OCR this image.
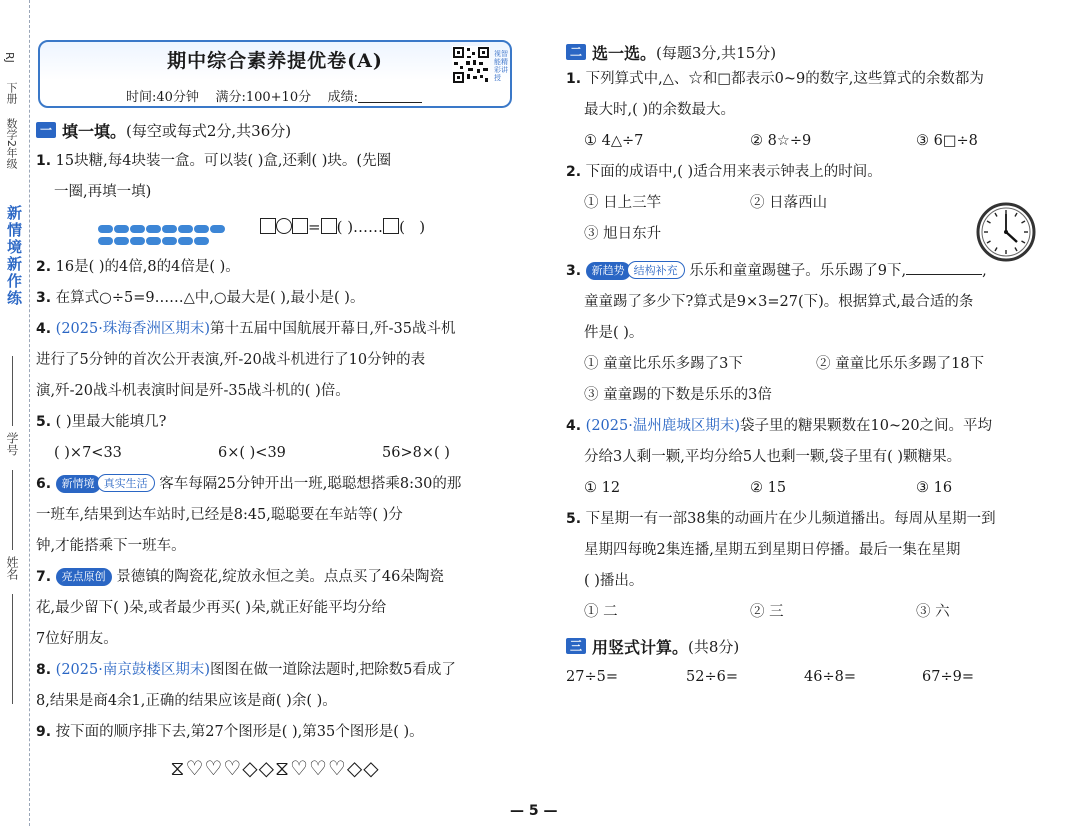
RJ
下册
数学2年级
新情境新作练
学号
姓名
期中综合素养提优卷(A)
时间:40分钟 满分:100+10分 成绩:
视智能精彩讲授
一 填一填。 (每空或每式2分,共36分)
1. 15块糖,每4块装一盒。可以装( )盒,还剩( )块。(先圈
一圈,再填一填)
= ( )…… (   )
2. 16是( )的4倍,8的4倍是( )。
3. 在算式○÷5=9……△中,○最大是( ),最小是( )。
4. (2025·珠海香洲区期末)第十五届中国航展开幕日,歼-35战斗机
进行了5分钟的首次公开表演,歼-20战斗机进行了10分钟的表
演,歼-20战斗机表演时间是歼-35战斗机的( )倍。
5. ( )里最大能填几?
( )×7<33	6×( )<39	56>8×( )
6. 新情境 真实生活 客车每隔25分钟开出一班,聪聪想搭乘8:30的那
一班车,结果到达车站时,已经是8:45,聪聪要在车站等( )分
钟,才能搭乘下一班车。
7. 亮点原创 景德镇的陶瓷花,绽放永恒之美。点点买了46朵陶瓷
花,最少留下( )朵,或者最少再买( )朵,就正好能平均分给
7位好朋友。
8. (2025·南京鼓楼区期末)图图在做一道除法题时,把除数5看成了
8,结果是商4余1,正确的结果应该是商( )余( )。
9. 按下面的顺序排下去,第27个图形是( ),第35个图形是( )。
⧖♡♡♡◇◇⧖♡♡♡◇◇
二 选一选。 (每题3分,共15分)
1. 下列算式中,△、☆和□都表示0~9的数字,这些算式的余数都为
最大时,( )的余数最大。
① 4△÷7	② 8☆÷9	③ 6□÷8
2. 下面的成语中,( )适合用来表示钟表上的时间。
① 日上三竿	② 日落西山
③ 旭日东升
3. 新趋势 结构补充 乐乐和童童踢毽子。乐乐踢了9下,	,
童童踢了多少下?算式是9×3=27(下)。根据算式,最合适的条
件是( )。
① 童童比乐乐多踢了3下	② 童童比乐乐多踢了18下
③ 童童踢的下数是乐乐的3倍
4. (2025·温州鹿城区期末)袋子里的糖果颗数在10~20之间。平均
分给3人剩一颗,平均分给5人也剩一颗,袋子里有( )颗糖果。
① 12	② 15	③ 16
5. 下星期一有一部38集的动画片在少儿频道播出。每周从星期一到
星期四每晚2集连播,星期五到星期日停播。最后一集在星期
( )播出。
① 二	② 三	③ 六
三 用竖式计算。 (共8分)
27÷5=	52÷6=	46÷8=	67÷9=
— 5 —
